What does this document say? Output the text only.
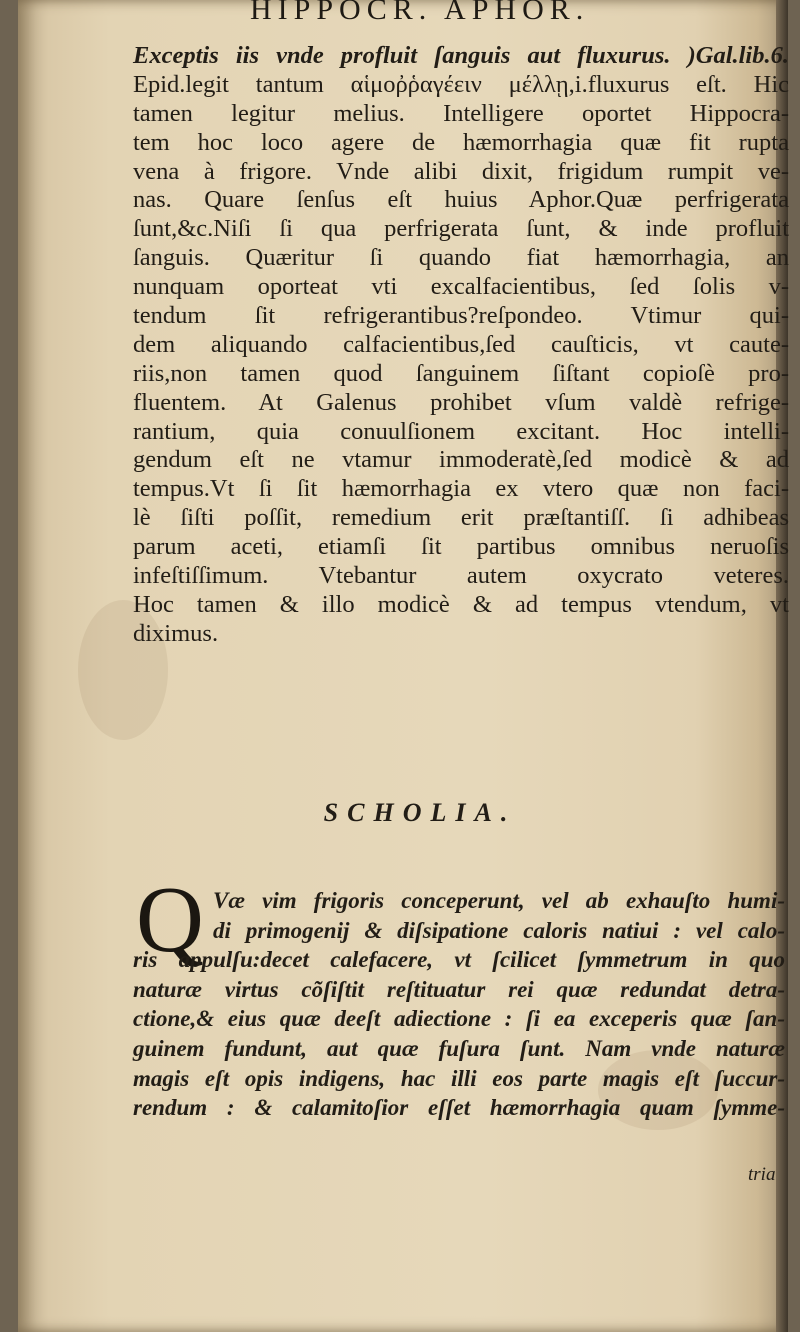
HIPPOCR. APHOR.
Exceptis iis vnde profluit ſanguis aut fluxurus. )Gal.lib.6.
Epid.legit tantum αἱμοῤῥαγέειν μέλλῃ,i.fluxurus eſt. Hic
tamen legitur melius. Intelligere oportet Hippocra-
tem hoc loco agere de hæmorrhagia quæ fit rupta
vena à frigore. Vnde alibi dixit, frigidum rumpit ve-
nas. Quare ſenſus eſt huius Aphor.Quæ perfrigerata
ſunt,&c.Niſi ſi qua perfrigerata ſunt, & inde profluit
ſanguis. Quæritur ſi quando fiat hæmorrhagia, an
nunquam oporteat vti excalfacientibus, ſed ſolis v-
tendum ſit refrigerantibus?reſpondeo. Vtimur qui-
dem aliquando calfacientibus,ſed cauſticis, vt caute-
riis,non tamen quod ſanguinem ſiſtant copioſè pro-
fluentem. At Galenus prohibet vſum valdè refrige-
rantium, quia conuulſionem excitant. Hoc intelli-
gendum eſt ne vtamur immoderatè,ſed modicè & ad
tempus.Vt ſi ſit hæmorrhagia ex vtero quæ non faci-
lè ſiſti poſſit, remedium erit præſtantiſſ. ſi adhibeas
parum aceti, etiamſi ſit partibus omnibus neruoſis
infeſtiſſimum. Vtebantur autem oxycrato veteres.
Hoc tamen & illo modicè & ad tempus vtendum, vt
diximus.
SCHOLIA.
Q Væ vim frigoris conceperunt, vel ab exhauſto humi-
di primogenij & diſsipatione caloris natiui : vel calo-
ris appulſu:decet calefacere, vt ſcilicet ſymmetrum in quo
naturæ virtus cõſiſtit reſtituatur rei quæ redundat detra-
ctione,& eius quæ deeſt adiectione : ſi ea exceperis quæ ſan-
guinem fundunt, aut quæ fuſura ſunt. Nam vnde naturæ
magis eſt opis indigens, hac illi eos parte magis eſt ſuccur-
rendum : & calamitoſior eſſet hæmorrhagia quam ſymme-
tria
